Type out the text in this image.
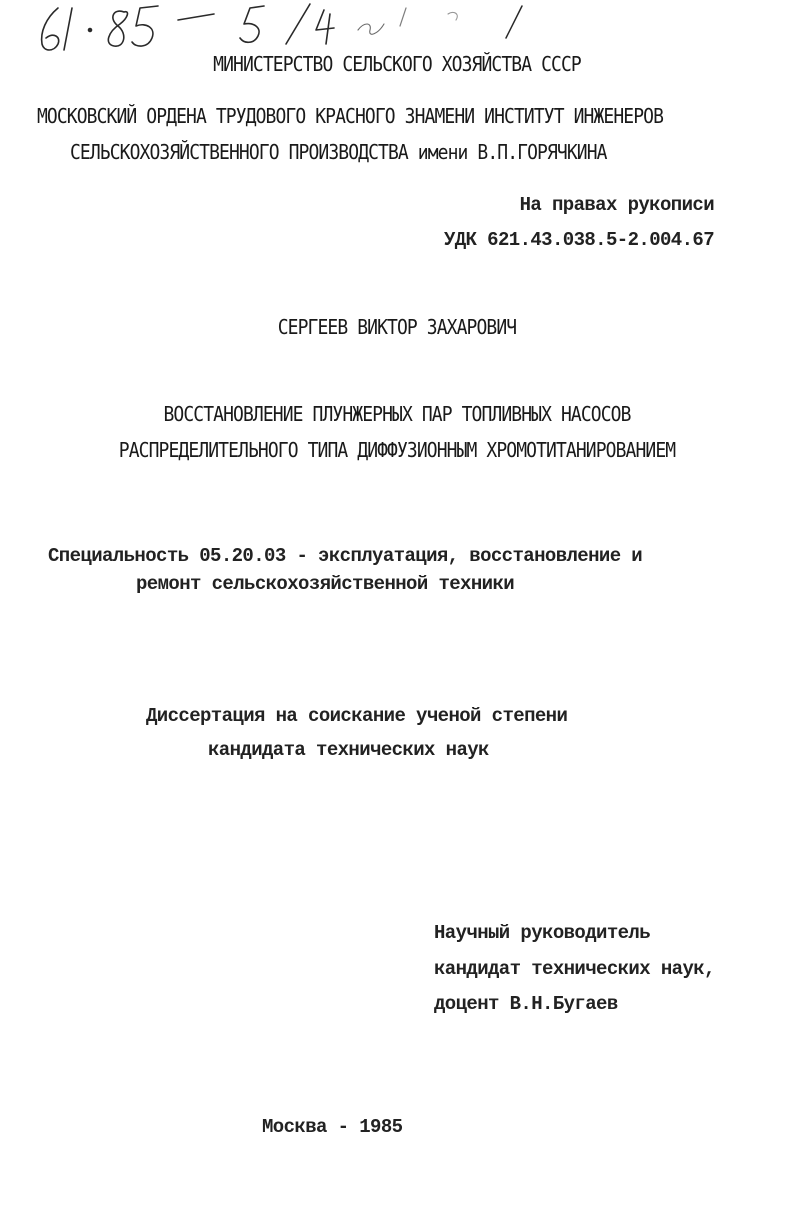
МИНИСТЕРСТВО СЕЛЬСКОГО ХОЗЯЙСТВА СССР
МОСКОВСКИЙ ОРДЕНА ТРУДОВОГО КРАСНОГО ЗНАМЕНИ ИНСТИТУТ ИНЖЕНЕРОВ
СЕЛЬСКОХОЗЯЙСТВЕННОГО ПРОИЗВОДСТВА имени В.П.ГОРЯЧКИНА
На правах рукописи
УДК 621.43.038.5-2.004.67
СЕРГЕЕВ ВИКТОР ЗАХАРОВИЧ
ВОССТАНОВЛЕНИЕ ПЛУНЖЕРНЫХ ПАР ТОПЛИВНЫХ НАСОСОВ
РАСПРЕДЕЛИТЕЛЬНОГО ТИПА ДИФФУЗИОННЫМ ХРОМОТИТАНИРОВАНИЕМ
Специальность 05.20.03 - эксплуатация, восстановление и
ремонт сельскохозяйственной техники
Диссертация на соискание ученой степени
кандидата технических наук
Научный руководитель
кандидат технических наук,
доцент В.Н.Бугаев
Москва - 1985
